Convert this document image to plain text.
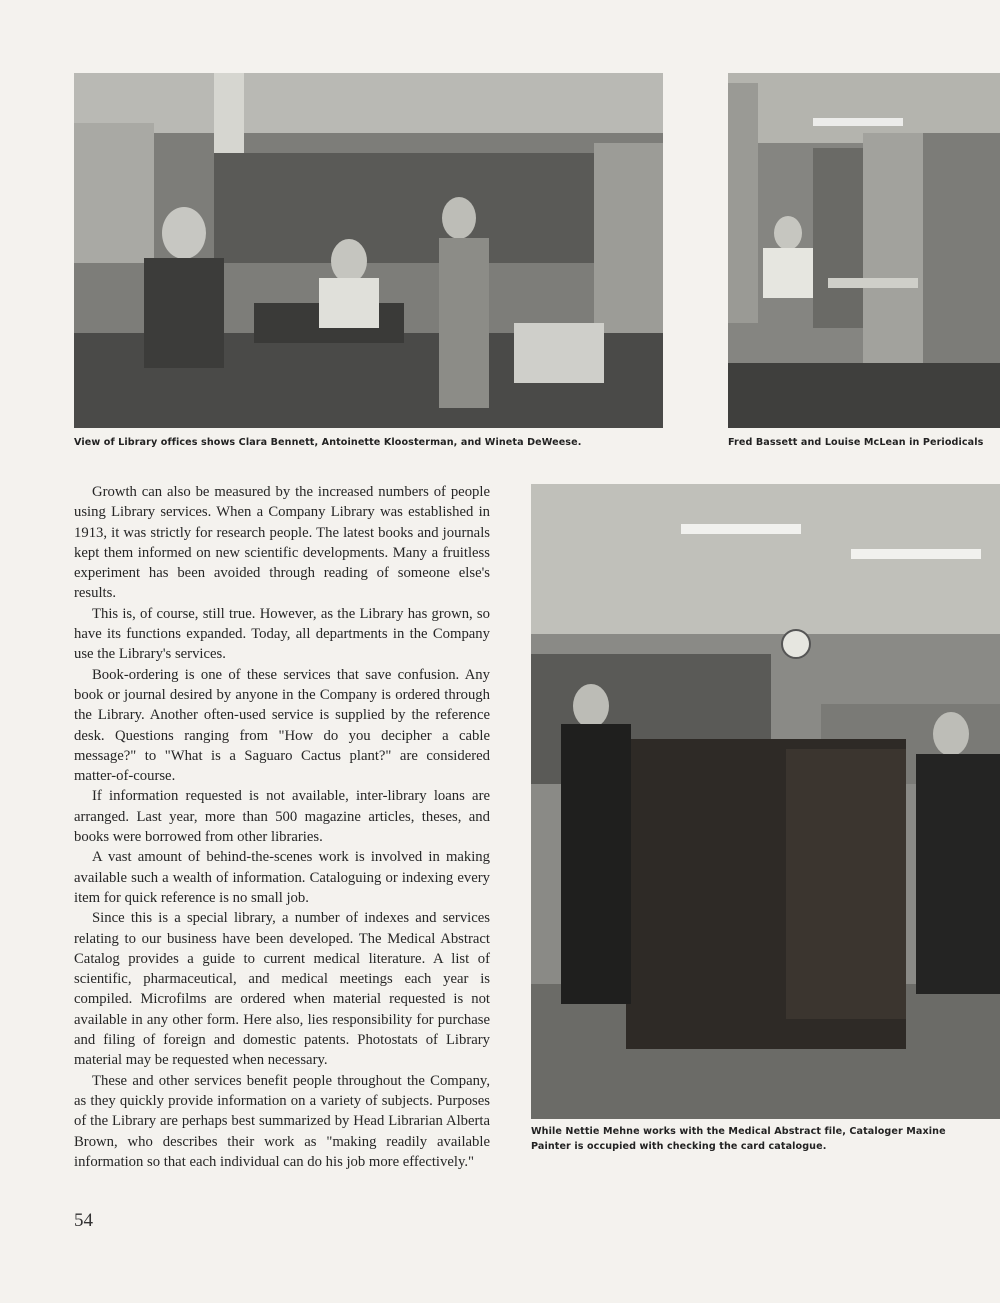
View of Library offices shows Clara Bennett, Antoinette Kloosterman, and Wineta DeWeese.	Fred Bassett and Louise McLean in Periodicals
While Nettie Mehne works with the Medical Abstract file, Cataloger Maxine Painter is occupied with checking the card catalogue.

Growth can also be measured by the increased numbers of people using Library services. When a Company Library was established in 1913, it was strictly for research people. The latest books and journals kept them informed on new scientific developments. Many a fruitless experiment has been avoided through reading of someone else's results.

This is, of course, still true. However, as the Library has grown, so have its functions expanded. Today, all departments in the Company use the Library's services.

Book-ordering is one of these services that save confusion. Any book or journal desired by anyone in the Company is ordered through the Library. Another often-used service is supplied by the reference desk. Questions ranging from "How do you decipher a cable message?" to "What is a Saguaro Cactus plant?" are considered matter-of-course.

If information requested is not available, inter-library loans are arranged. Last year, more than 500 magazine articles, theses, and books were borrowed from other libraries.

A vast amount of behind-the-scenes work is involved in making available such a wealth of information. Cataloguing or indexing every item for quick reference is no small job.

Since this is a special library, a number of indexes and services relating to our business have been developed. The Medical Abstract Catalog provides a guide to current medical literature. A list of scientific, pharmaceutical, and medical meetings each year is compiled. Microfilms are ordered when material requested is not available in any other form. Here also, lies responsibility for purchase and filing of foreign and domestic patents. Photostats of Library material may be requested when necessary.

These and other services benefit people throughout the Company, as they quickly provide information on a variety of subjects. Purposes of the Library are perhaps best summarized by Head Librarian Alberta Brown, who describes their work as "making readily available information so that each individual can do his job more effectively."

54
